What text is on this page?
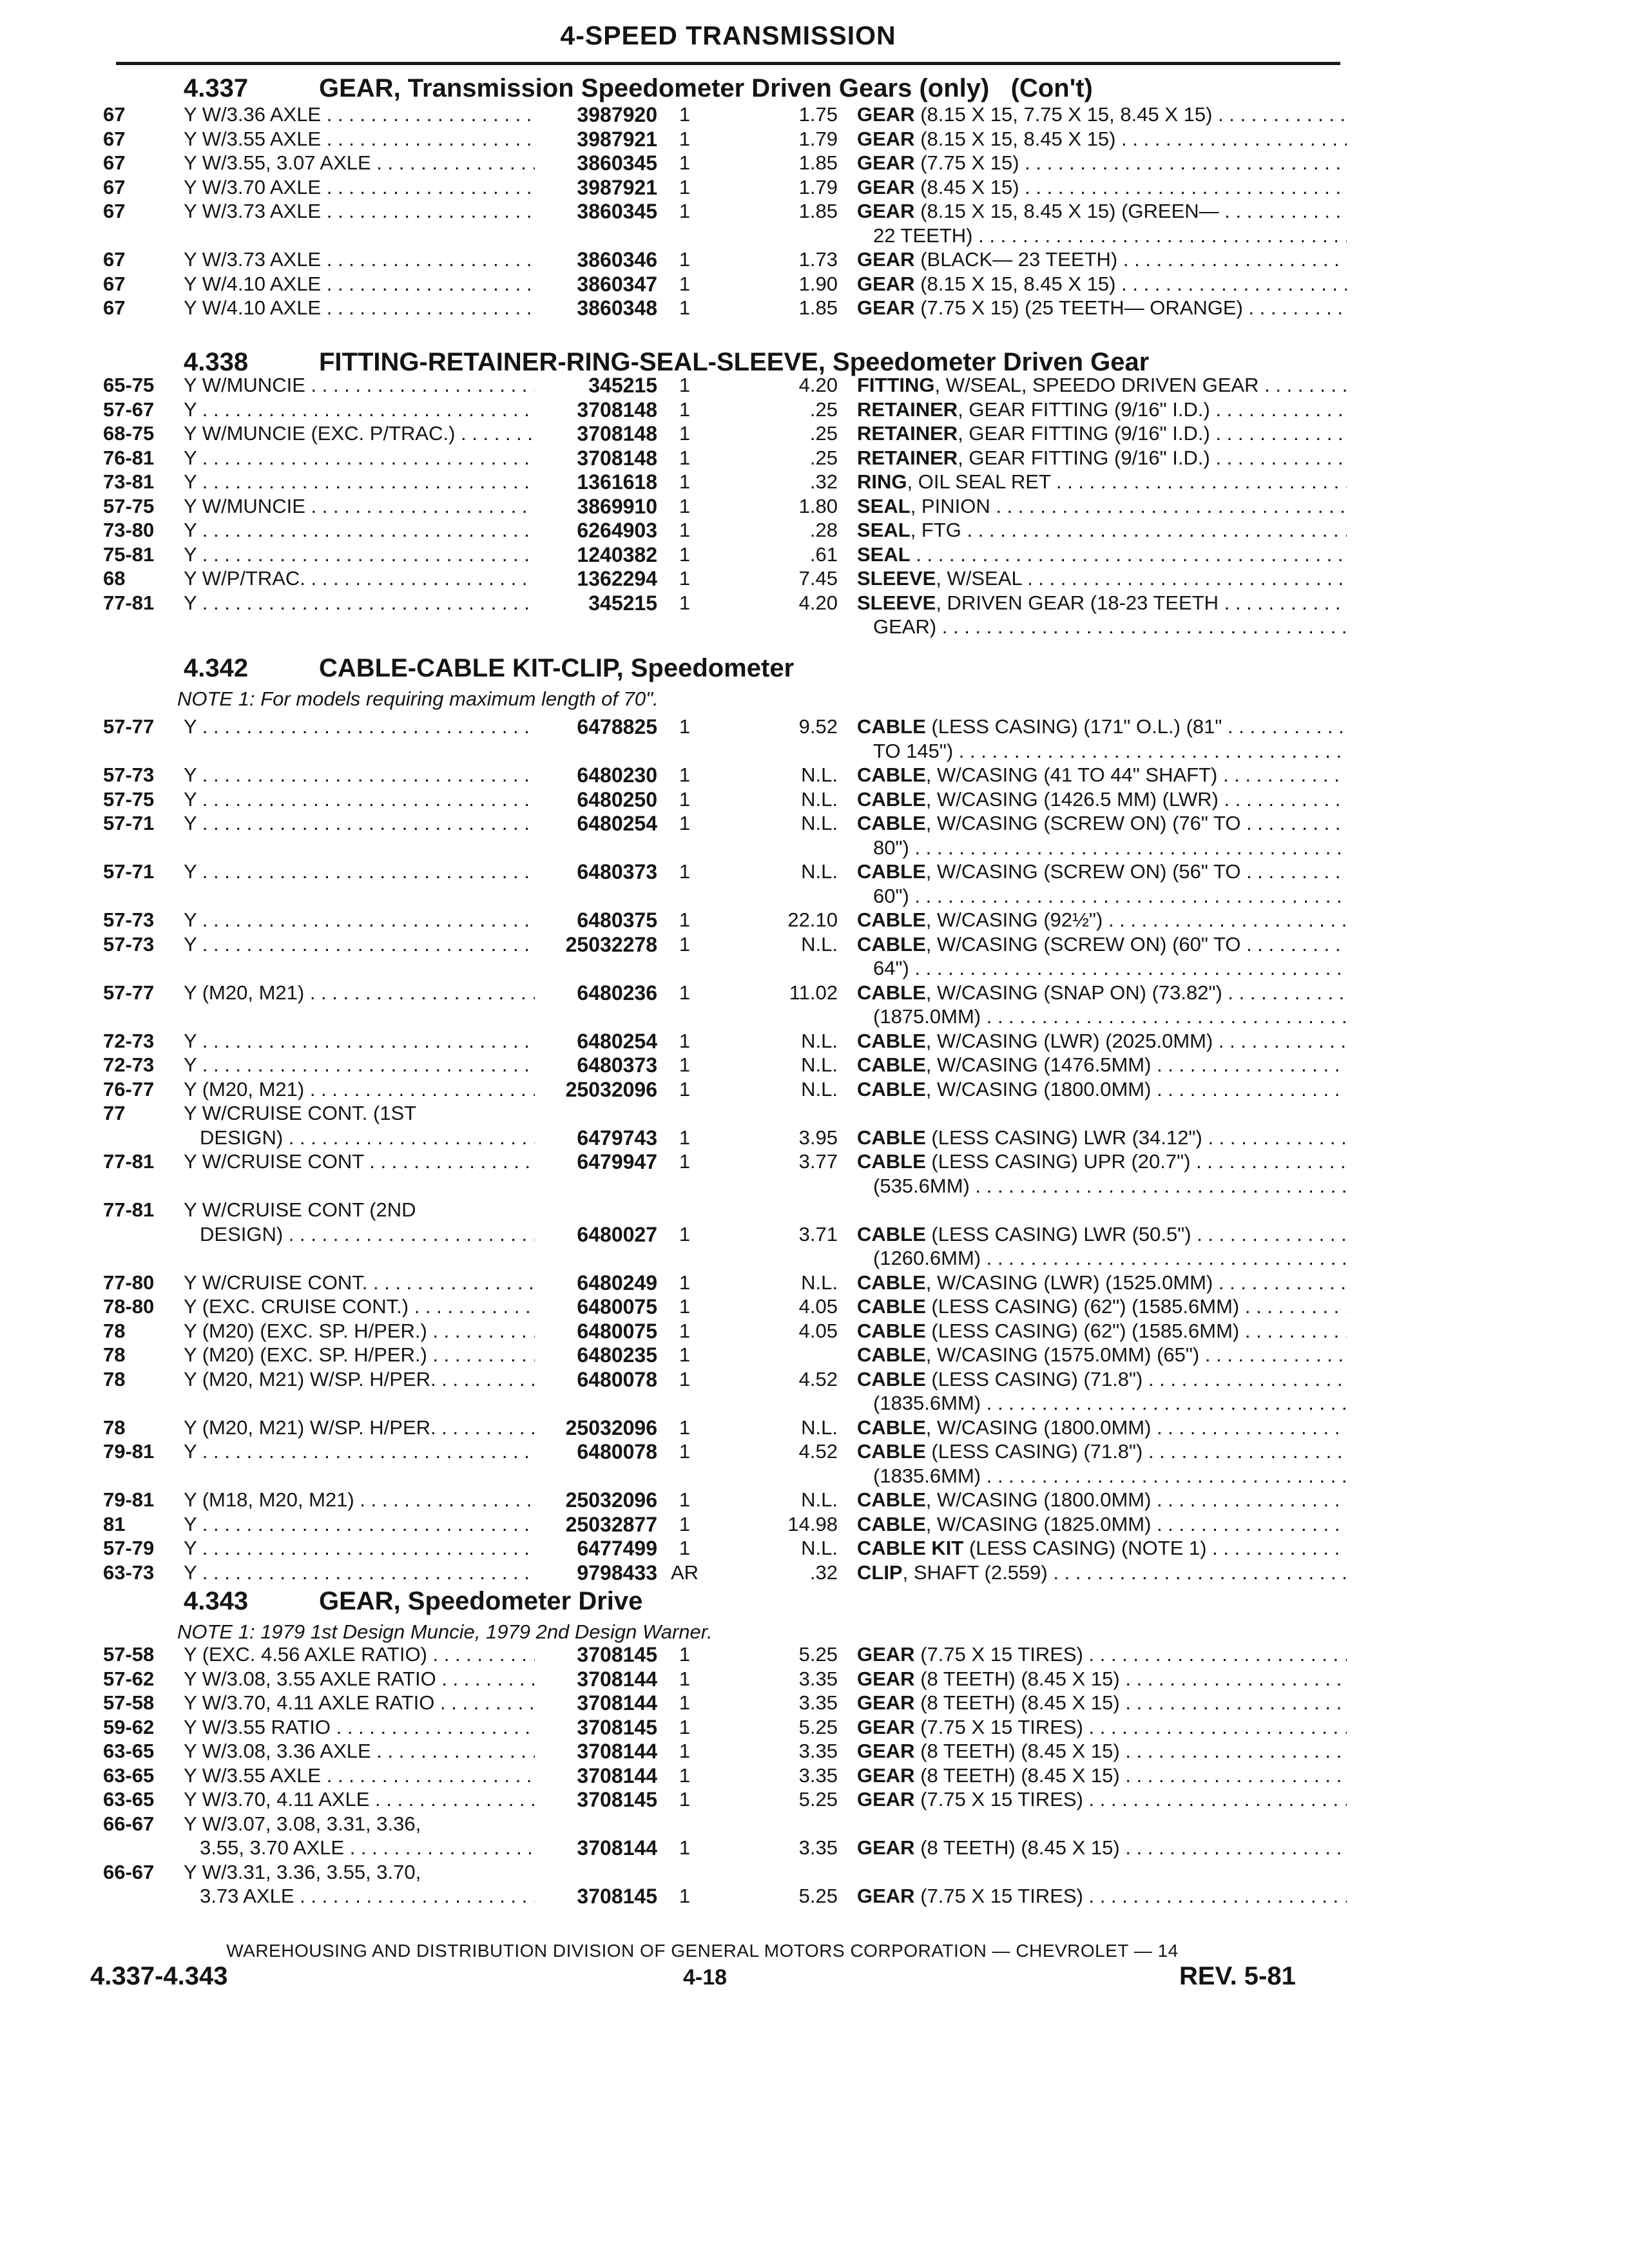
4-SPEED TRANSMISSION
4.337	GEAR, Transmission Speedometer Driven Gears (only)   (Con't)
67	Y W/3.36 AXLE . . .	3987920	1	1.75 GEAR (8.15 X 15, 7.75 X 15, 8.45 X 15) . . .
67	Y W/3.55 AXLE . . .	3987921	1	1.79 GEAR (8.15 X 15, 8.45 X 15) . . .
67	Y W/3.55, 3.07 AXLE . . .	3860345	1	1.85 GEAR (7.75 X 15) . . .
67	Y W/3.70 AXLE . . .	3987921	1	1.79 GEAR (8.45 X 15) . . .
67	Y W/3.73 AXLE . . .	3860345	1	1.85 GEAR (8.15 X 15, 8.45 X 15) (GREEN— . . .
22 TEETH) . . .
67	Y W/3.73 AXLE . . .	3860346	1	1.73 GEAR (BLACK— 23 TEETH) . . .
67	Y W/4.10 AXLE . . .	3860347	1	1.90 GEAR (8.15 X 15, 8.45 X 15) . . .
67	Y W/4.10 AXLE . . .	3860348	1	1.85 GEAR (7.75 X 15) (25 TEETH— ORANGE) . . .
4.338	FITTING-RETAINER-RING-SEAL-SLEEVE, Speedometer Driven Gear
65-75	Y W/MUNCIE . . .	345215	1	4.20 FITTING, W/SEAL, SPEEDO DRIVEN GEAR . . .
57-67	Y . . .	3708148	1	.25 RETAINER, GEAR FITTING (9/16" I.D.) . . .
68-75	Y W/MUNCIE (EXC. P/TRAC.) . . .	3708148	1	.25 RETAINER, GEAR FITTING (9/16" I.D.) . . .
76-81	Y . . .	3708148	1	.25 RETAINER, GEAR FITTING (9/16" I.D.) . . .
73-81	Y . . .	1361618	1	.32 RING, OIL SEAL RET . . .
57-75	Y W/MUNCIE . . .	3869910	1	1.80 SEAL, PINION . . .
73-80	Y . . .	6264903	1	.28 SEAL, FTG . . .
75-81	Y . . .	1240382	1	.61 SEAL . . .
68	Y W/P/TRAC. . . .	1362294	1	7.45 SLEEVE, W/SEAL . . .
77-81	Y . . .	345215	1	4.20 SLEEVE, DRIVEN GEAR (18-23 TEETH . . .
GEAR) . . .
4.342	CABLE-CABLE KIT-CLIP, Speedometer
NOTE 1: For models requiring maximum length of 70".
57-77	Y . . .	6478825	1	9.52 CABLE (LESS CASING) (171" O.L.) (81" . . .
TO 145") . . .
57-73	Y . . .	6480230	1	N.L. CABLE, W/CASING (41 TO 44" SHAFT) . . .
57-75	Y . . .	6480250	1	N.L. CABLE, W/CASING (1426.5 MM) (LWR) . . .
57-71	Y . . .	6480254	1	N.L. CABLE, W/CASING (SCREW ON) (76" TO . . .
80") . . .
57-71	Y . . .	6480373	1	N.L. CABLE, W/CASING (SCREW ON) (56" TO . . .
60") . . .
57-73	Y . . .	6480375	1	22.10 CABLE, W/CASING (92½") . . .
57-73	Y . . .	25032278	1	N.L. CABLE, W/CASING (SCREW ON) (60" TO . . .
64") . . .
57-77	Y (M20, M21) . . .	6480236	1	11.02 CABLE, W/CASING (SNAP ON) (73.82") . . .
(1875.0MM) . . .
72-73	Y . . .	6480254	1	N.L. CABLE, W/CASING (LWR) (2025.0MM) . . .
72-73	Y . . .	6480373	1	N.L. CABLE, W/CASING (1476.5MM) . . .
76-77	Y (M20, M21) . . .	25032096	1	N.L. CABLE, W/CASING (1800.0MM) . . .
77	Y W/CRUISE CONT. (1ST
DESIGN) . . .	6479743	1	3.95 CABLE (LESS CASING) LWR (34.12") . . .
77-81	Y W/CRUISE CONT . . .	6479947	1	3.77 CABLE (LESS CASING) UPR (20.7") . . .
(535.6MM) . . .
77-81	Y W/CRUISE CONT (2ND
DESIGN) . . .	6480027	1	3.71 CABLE (LESS CASING) LWR (50.5") . . .
(1260.6MM) . . .
77-80	Y W/CRUISE CONT. . . .	6480249	1	N.L. CABLE, W/CASING (LWR) (1525.0MM) . . .
78-80	Y (EXC. CRUISE CONT.) . . .	6480075	1	4.05 CABLE (LESS CASING) (62") (1585.6MM) . . .
78	Y (M20) (EXC. SP. H/PER.) . . .	6480075	1	4.05 CABLE (LESS CASING) (62") (1585.6MM) . . .
78	Y (M20) (EXC. SP. H/PER.) . . .	6480235	1	CABLE, W/CASING (1575.0MM) (65") . . .
78	Y (M20, M21) W/SP. H/PER. . . .	6480078	1	4.52 CABLE (LESS CASING) (71.8") . . .
(1835.6MM) . . .
78	Y (M20, M21) W/SP. H/PER. . . .	25032096	1	N.L. CABLE, W/CASING (1800.0MM) . . .
79-81	Y . . .	6480078	1	4.52 CABLE (LESS CASING) (71.8") . . .
(1835.6MM) . . .
79-81	Y (M18, M20, M21) . . .	25032096	1	N.L. CABLE, W/CASING (1800.0MM) . . .
81	Y . . .	25032877	1	14.98 CABLE, W/CASING (1825.0MM) . . .
57-79	Y . . .	6477499	1	N.L. CABLE KIT (LESS CASING) (NOTE 1) . . .
63-73	Y . . .	9798433 AR	.32 CLIP, SHAFT (2.559) . . .
4.343	GEAR, Speedometer Drive
NOTE 1: 1979 1st Design Muncie, 1979 2nd Design Warner.
57-58	Y (EXC. 4.56 AXLE RATIO) . . .	3708145	1	5.25 GEAR (7.75 X 15 TIRES) . . .
57-62	Y W/3.08, 3.55 AXLE RATIO . . .	3708144	1	3.35 GEAR (8 TEETH) (8.45 X 15) . . .
57-58	Y W/3.70, 4.11 AXLE RATIO . . .	3708144	1	3.35 GEAR (8 TEETH) (8.45 X 15) . . .
59-62	Y W/3.55 RATIO . . .	3708145	1	5.25 GEAR (7.75 X 15 TIRES) . . .
63-65	Y W/3.08, 3.36 AXLE . . .	3708144	1	3.35 GEAR (8 TEETH) (8.45 X 15) . . .
63-65	Y W/3.55 AXLE . . .	3708144	1	3.35 GEAR (8 TEETH) (8.45 X 15) . . .
63-65	Y W/3.70, 4.11 AXLE . . .	3708145	1	5.25 GEAR (7.75 X 15 TIRES) . . .
66-67	Y W/3.07, 3.08, 3.31, 3.36,
3.55, 3.70 AXLE . . .	3708144	1	3.35 GEAR (8 TEETH) (8.45 X 15) . . .
66-67	Y W/3.31, 3.36, 3.55, 3.70,
3.73 AXLE . . .	3708145	1	5.25 GEAR (7.75 X 15 TIRES) . . .
WAREHOUSING AND DISTRIBUTION DIVISION OF GENERAL MOTORS CORPORATION — CHEVROLET — 14
4.337-4.343	4-18	REV. 5-81
